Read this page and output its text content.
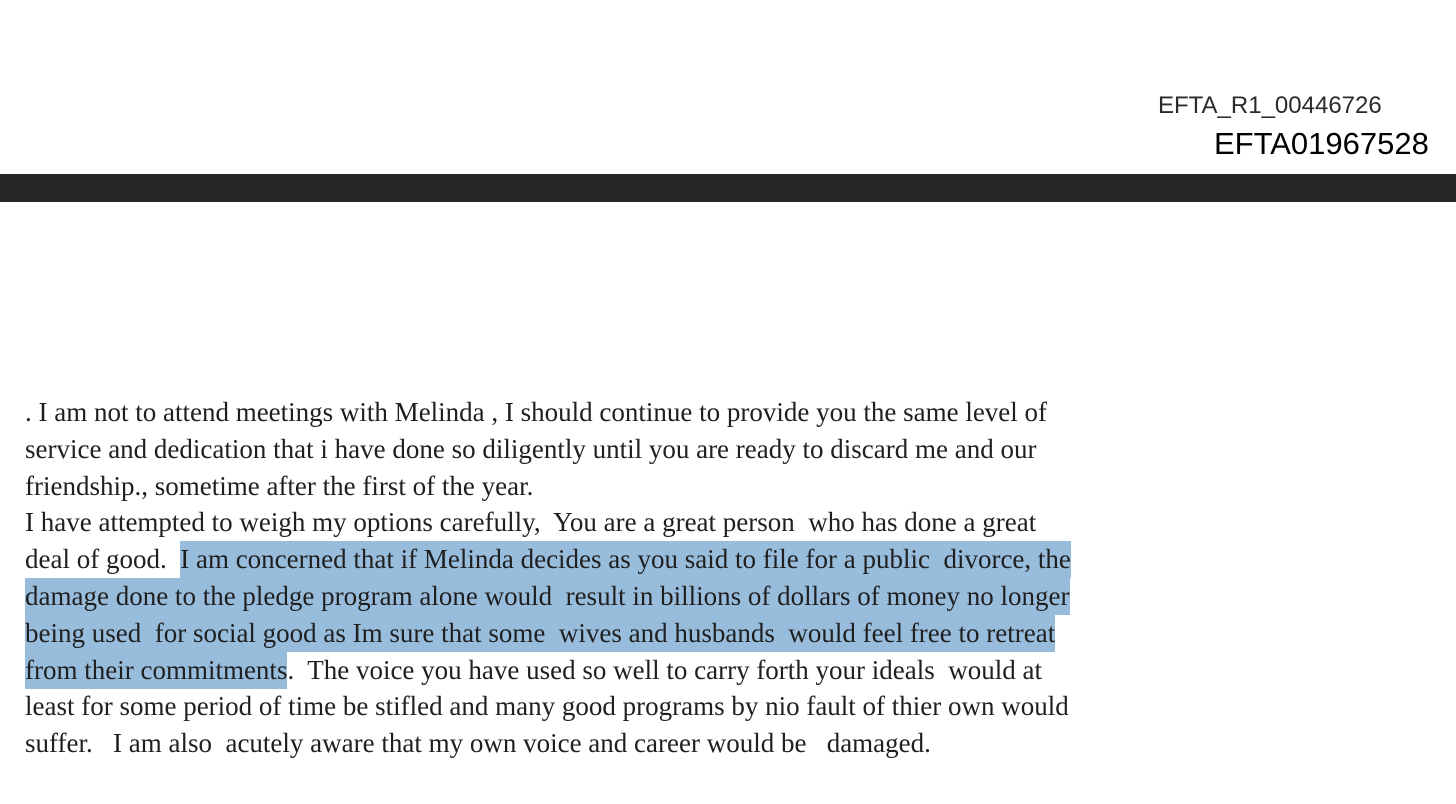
EFTA_R1_00446726
EFTA01967528
. I am not to attend meetings with Melinda , I should continue to provide you the same level of
service and dedication that i have done so diligently until you are ready to discard me and our
friendship., sometime after the first of the year.
I have attempted to weigh my options carefully,  You are a great person  who has done a great
deal of good.  I am concerned that if Melinda decides as you said to file for a public  divorce, the
damage done to the pledge program alone would  result in billions of dollars of money no longer
being used  for social good as Im sure that some  wives and husbands  would feel free to retreat
from their commitments.  The voice you have used so well to carry forth your ideals  would at
least for some period of time be stifled and many good programs by nio fault of thier own would
suffer.   I am also  acutely aware that my own voice and career would be   damaged.
